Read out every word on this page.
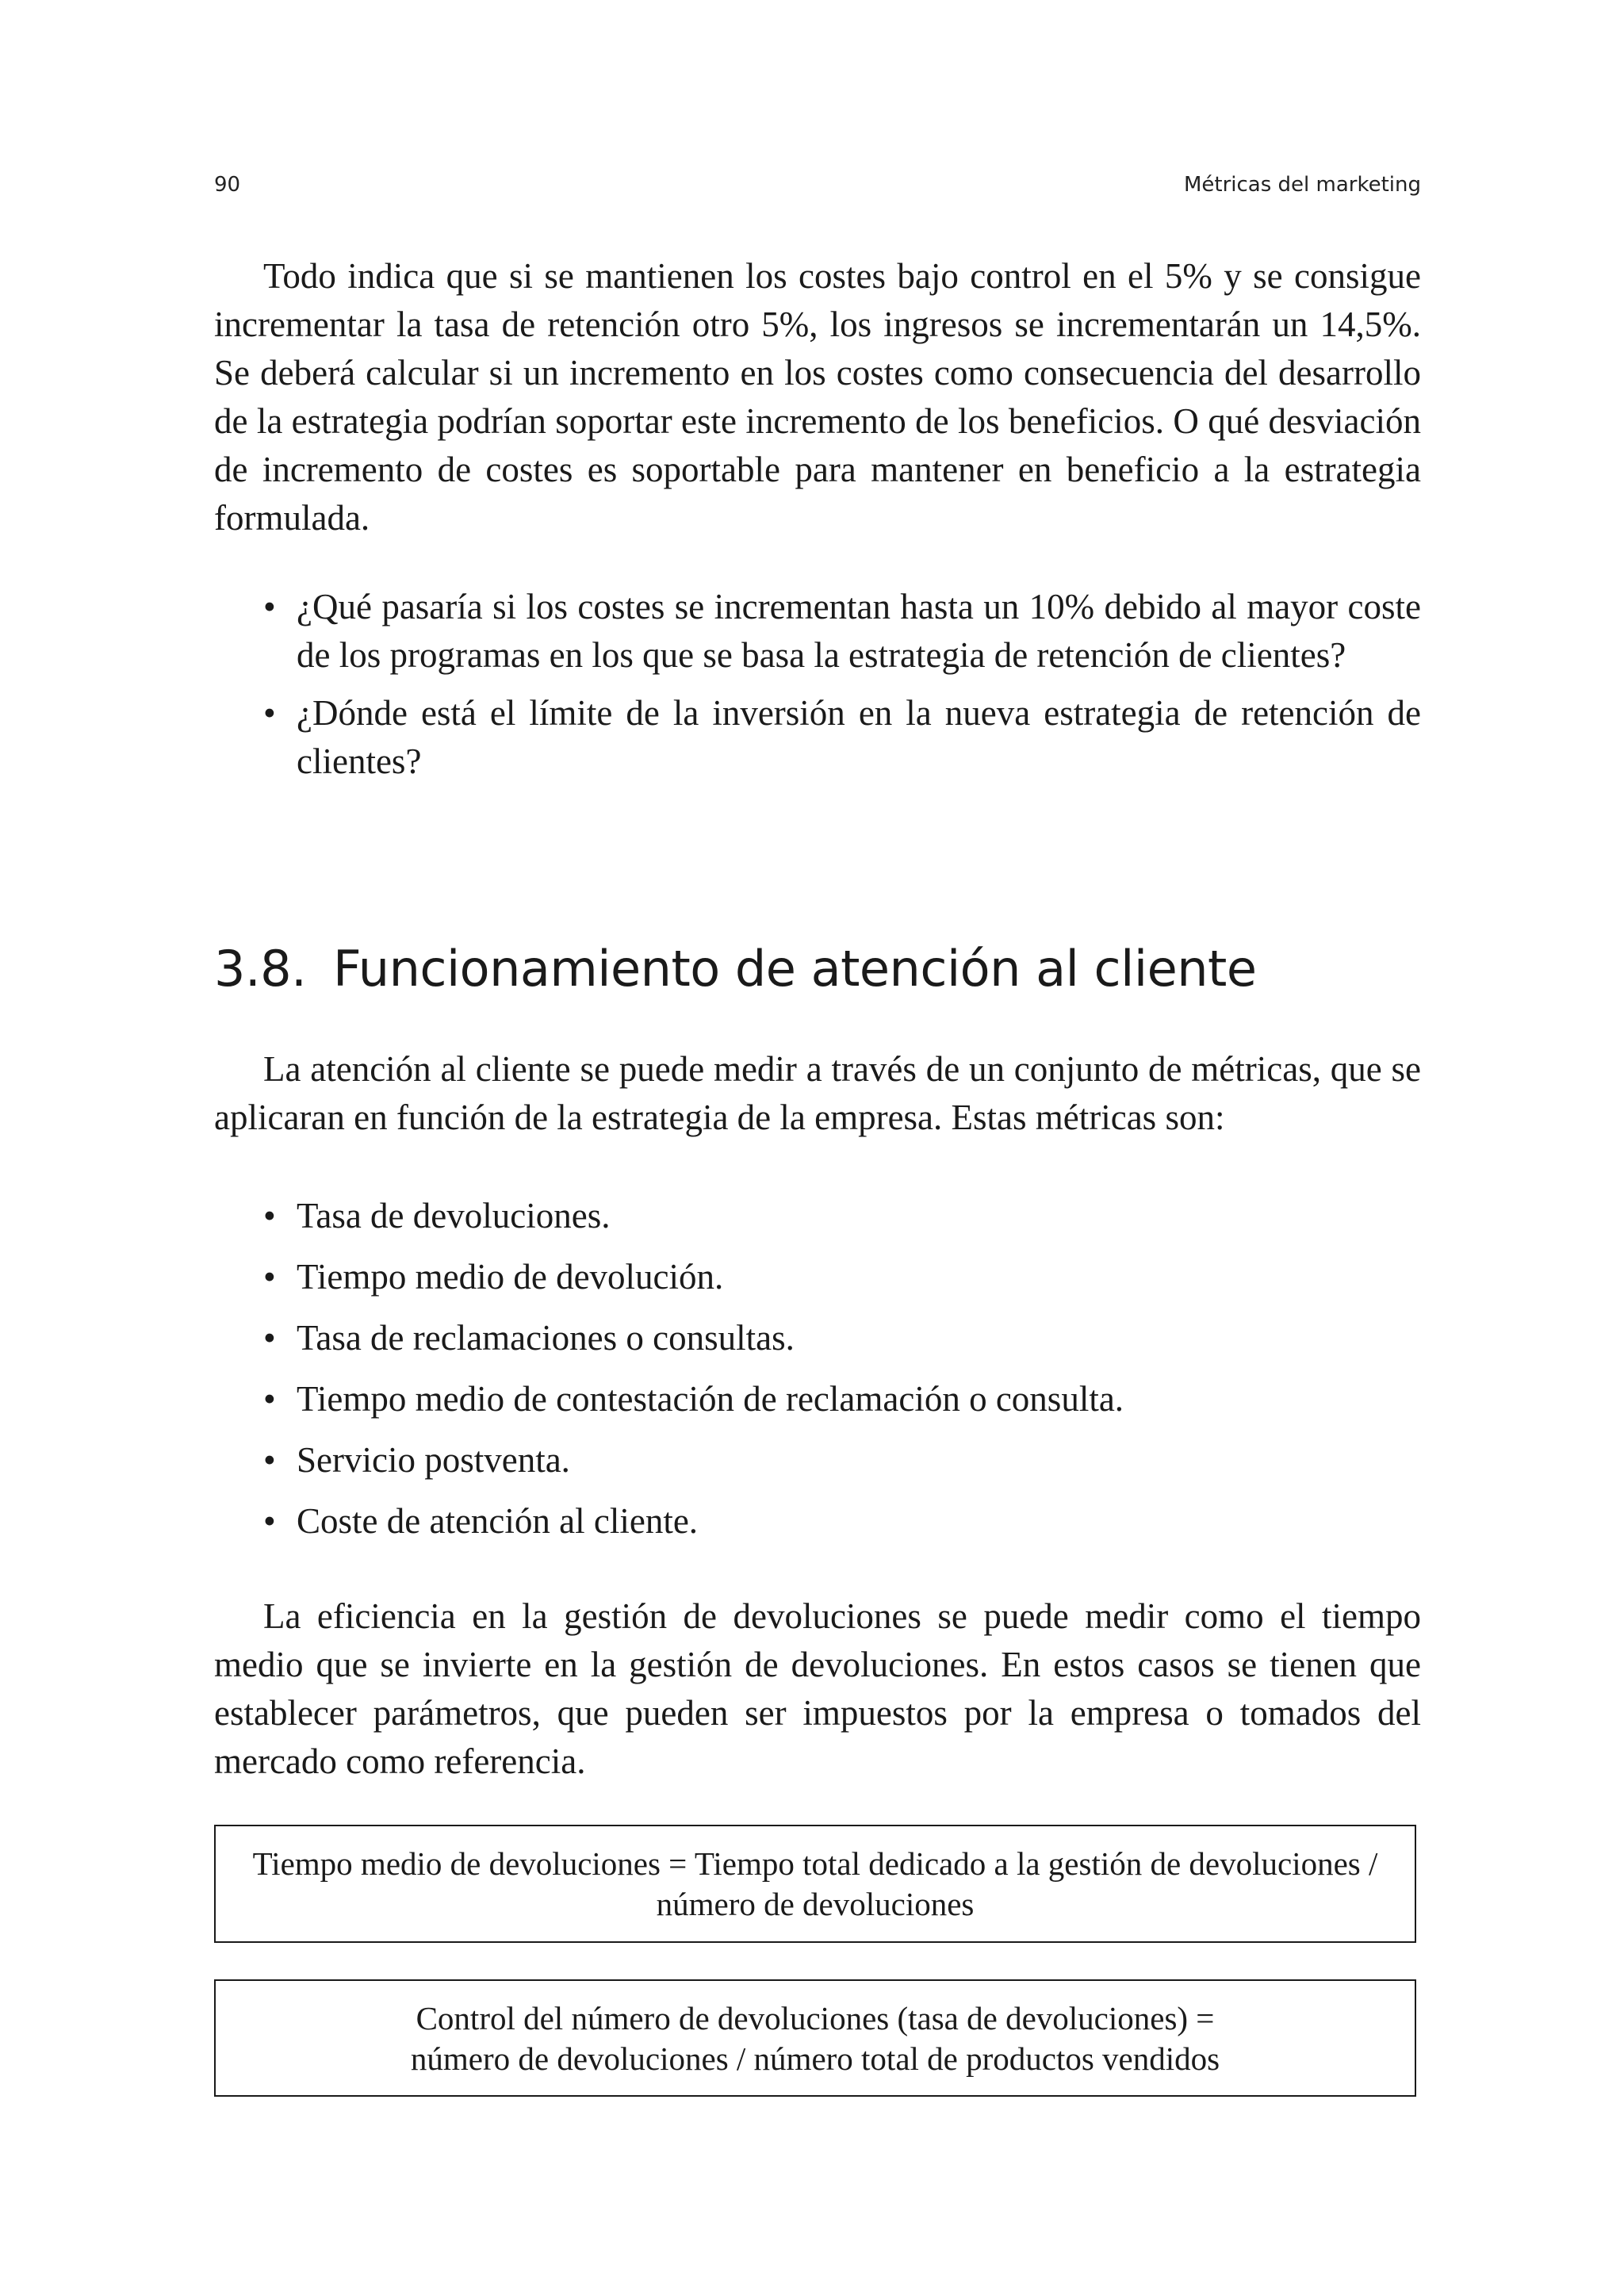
90	Métricas del marketing

Todo indica que si se mantienen los costes bajo control en el 5% y se consigue incrementar la tasa de retención otro 5%, los ingresos se incrementarán un 14,5%. Se deberá calcular si un incremento en los costes como consecuencia del desarrollo de la estrategia podrían soportar este incremento de los beneficios. O qué desviación de incremento de costes es soportable para mantener en beneficio a la estrategia formulada.

• ¿Qué pasaría si los costes se incrementan hasta un 10% debido al mayor coste de los programas en los que se basa la estrategia de retención de clientes?
• ¿Dónde está el límite de la inversión en la nueva estrategia de retención de clientes?
3.8. Funcionamiento de atención al cliente

La atención al cliente se puede medir a través de un conjunto de métricas, que se aplicaran en función de la estrategia de la empresa. Estas métricas son:

• Tasa de devoluciones.
• Tiempo medio de devolución.
• Tasa de reclamaciones o consultas.
• Tiempo medio de contestación de reclamación o consulta.
• Servicio postventa.
• Coste de atención al cliente.

La eficiencia en la gestión de devoluciones se puede medir como el tiempo medio que se invierte en la gestión de devoluciones. En estos casos se tienen que establecer parámetros, que pueden ser impuestos por la empresa o tomados del mercado como referencia.

Tiempo medio de devoluciones = Tiempo total dedicado a la gestión de devoluciones /
número de devoluciones
Control del número de devoluciones (tasa de devoluciones) =
número de devoluciones / número total de productos vendidos
